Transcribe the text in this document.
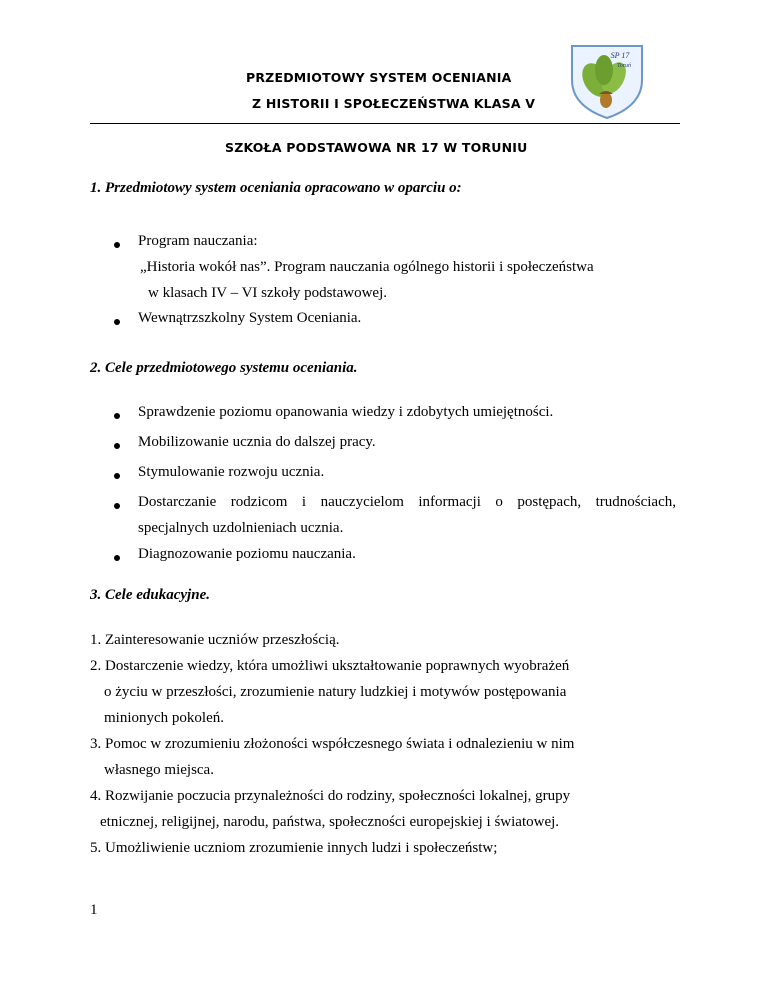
PRZEDMIOTOWY SYSTEM OCENIANIA
Z HISTORII I SPOŁECZEŃSTWA KLASA V
SP 17
Toruń
SZKOŁA PODSTAWOWA NR 17 W TORUNIU
1. Przedmiotowy system oceniania opracowano w oparciu o:
Program nauczania:
„Historia wokół nas”. Program nauczania ogólnego historii i społeczeństwa
w klasach IV – VI szkoły podstawowej.
Wewnątrzszkolny System Oceniania.
2. Cele przedmiotowego systemu oceniania.
Sprawdzenie poziomu opanowania wiedzy i zdobytych umiejętności.
Mobilizowanie ucznia do dalszej pracy.
Stymulowanie rozwoju ucznia.
Dostarczanie rodzicom i nauczycielom informacji o postępach, trudnościach,
specjalnych uzdolnieniach ucznia.
Diagnozowanie poziomu nauczania.
3. Cele edukacyjne.
1. Zainteresowanie uczniów przeszłością.
2. Dostarczenie wiedzy, która umożliwi ukształtowanie poprawnych wyobrażeń
o życiu w przeszłości, zrozumienie natury ludzkiej i motywów postępowania
minionych pokoleń.
3. Pomoc w zrozumieniu złożoności współczesnego świata i odnalezieniu w nim
własnego miejsca.
4. Rozwijanie poczucia przynależności do rodziny, społeczności lokalnej, grupy
etnicznej, religijnej, narodu, państwa, społeczności europejskiej i światowej.
5. Umożliwienie uczniom zrozumienie innych ludzi i społeczeństw;
1
